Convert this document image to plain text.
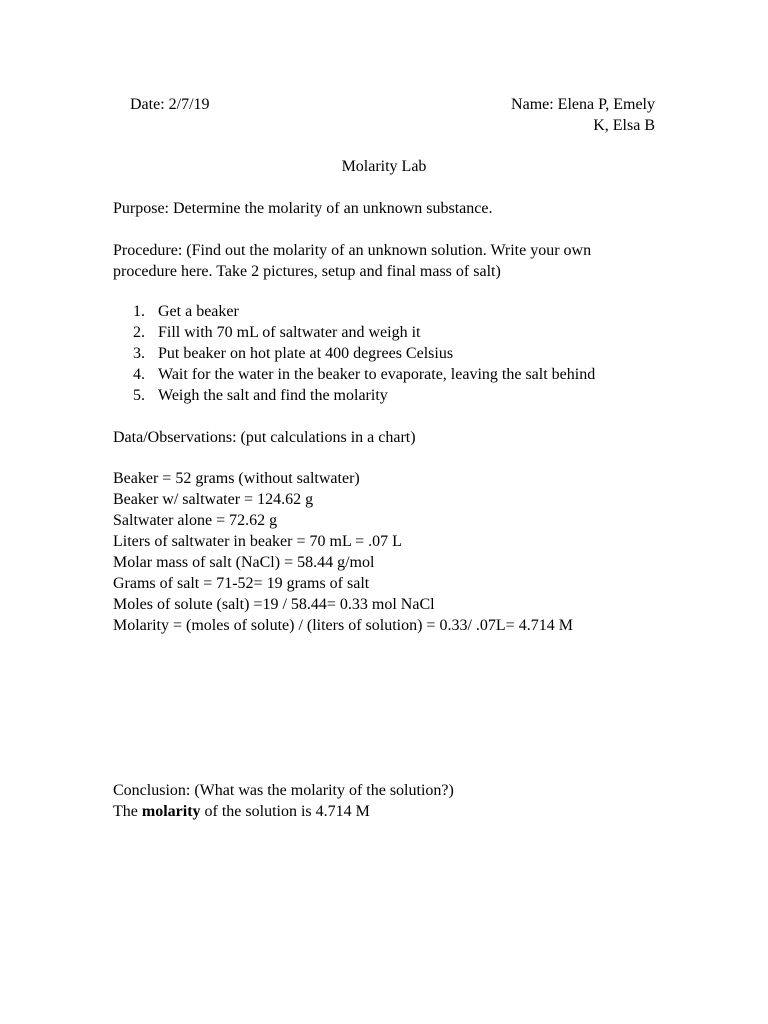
Date: 2/7/19	Name: Elena P, Emely
K, Elsa B
Molarity Lab
Purpose: Determine the molarity of an unknown substance.
Procedure: (Find out the molarity of an unknown solution. Write your own
procedure here. Take 2 pictures, setup and final mass of salt)
1. Get a beaker
2. Fill with 70 mL of saltwater and weigh it
3. Put beaker on hot plate at 400 degrees Celsius
4. Wait for the water in the beaker to evaporate, leaving the salt behind
5. Weigh the salt and find the molarity
Data/Observations: (put calculations in a chart)
Beaker = 52 grams (without saltwater)
Beaker w/ saltwater = 124.62 g
Saltwater alone = 72.62 g
Liters of saltwater in beaker = 70 mL = .07 L
Molar mass of salt (NaCl) = 58.44 g/mol
Grams of salt = 71-52= 19 grams of salt
Moles of solute (salt) =19 / 58.44= 0.33 mol NaCl
Molarity = (moles of solute) / (liters of solution) = 0.33/ .07L= 4.714 M
Conclusion: (What was the molarity of the solution?)
The molarity of the solution is 4.714 M
